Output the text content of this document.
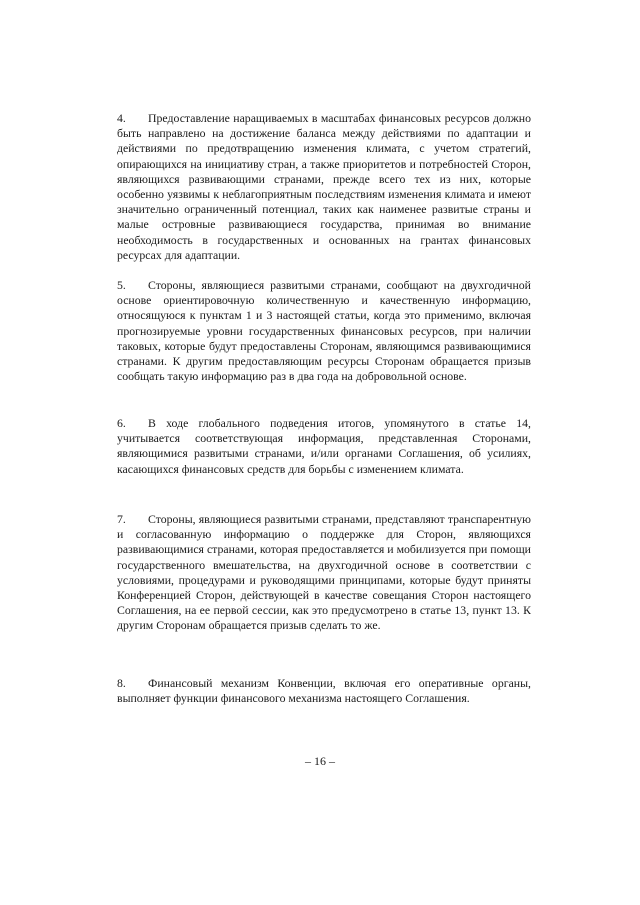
4. Предоставление наращиваемых в масштабах финансовых ресурсов должно быть направлено на достижение баланса между действиями по адаптации и действиями по предотвращению изменения климата, с учетом стратегий, опирающихся на инициативу стран, а также приоритетов и потребностей Сторон, являющихся развивающими странами, прежде всего тех из них, которые особенно уязвимы к неблагоприятным последствиям изменения климата и имеют значительно ограниченный потенциал, таких как наименее развитые страны и малые островные развивающиеся государства, принимая во внимание необходимость в государственных и основанных на грантах финансовых ресурсах для адаптации.
5. Стороны, являющиеся развитыми странами, сообщают на двухгодичной основе ориентировочную количественную и качественную информацию, относящуюся к пунктам 1 и 3 настоящей статьи, когда это применимо, включая прогнозируемые уровни государственных финансовых ресурсов, при наличии таковых, которые будут предоставлены Сторонам, являющимся развивающимися странами. К другим предоставляющим ресурсы Сторонам обращается призыв сообщать такую информацию раз в два года на добровольной основе.
6. В ходе глобального подведения итогов, упомянутого в статье 14, учитывается соответствующая информация, представленная Сторонами, являющимися развитыми странами, и/или органами Соглашения, об усилиях, касающихся финансовых средств для борьбы с изменением климата.
7. Стороны, являющиеся развитыми странами, представляют транспарентную и согласованную информацию о поддержке для Сторон, являющихся развивающимися странами, которая предоставляется и мобилизуется при помощи государственного вмешательства, на двухгодичной основе в соответствии с условиями, процедурами и руководящими принципами, которые будут приняты Конференцией Сторон, действующей в качестве совещания Сторон настоящего Соглашения, на ее первой сессии, как это предусмотрено в статье 13, пункт 13. К другим Сторонам обращается призыв сделать то же.
8. Финансовый механизм Конвенции, включая его оперативные органы, выполняет функции финансового механизма настоящего Соглашения.
– 16 –
